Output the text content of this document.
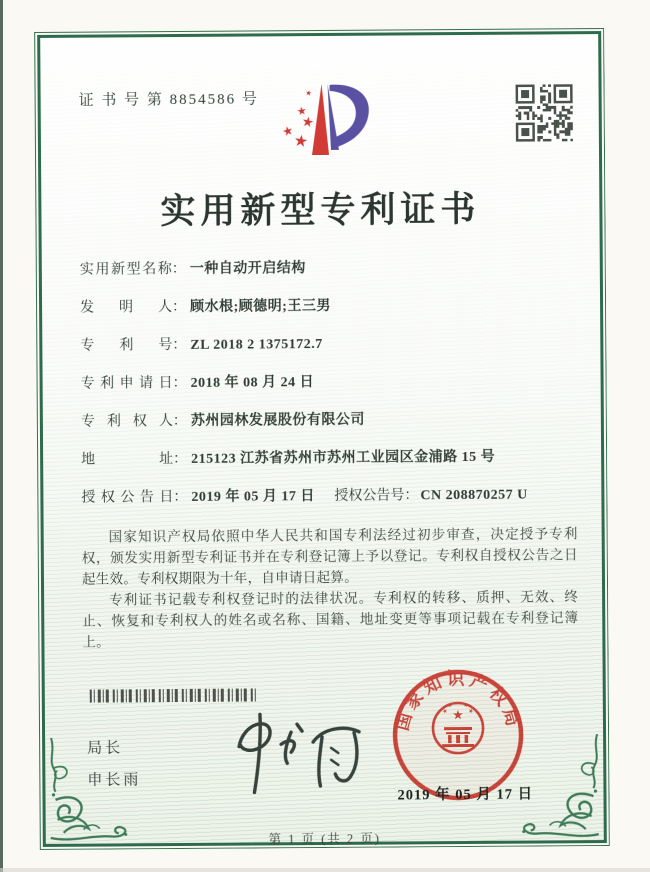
证 书 号 第 8854586 号
实用新型专利证书
实用新型名称： 一种自动开启结构
发明人： 顾水根;顾德明;王三男
专利号： ZL 2018 2 1375172.7
专利申请日： 2018 年 08 月 24 日
专利权人： 苏州园林发展股份有限公司
地址： 215123 江苏省苏州市苏州工业园区金浦路 15 号
授权公告日： 2019 年 05 月 17 日 授权公告号： CN 208870257 U

国家知识产权局依照中华人民共和国专利法经过初步审查，决定授予专利权，颁发实用新型专利证书并在专利登记簿上予以登记。专利权自授权公告之日起生效。专利权期限为十年，自申请日起算。

专利证书记载专利权登记时的法律状况。专利权的转移、质押、无效、终止、恢复和专利权人的姓名或名称、国籍、地址变更等事项记载在专利登记簿上。

局长
申长雨
国家知识产权局
2019 年 05 月 17 日
第 1 页 (共 2 页)
